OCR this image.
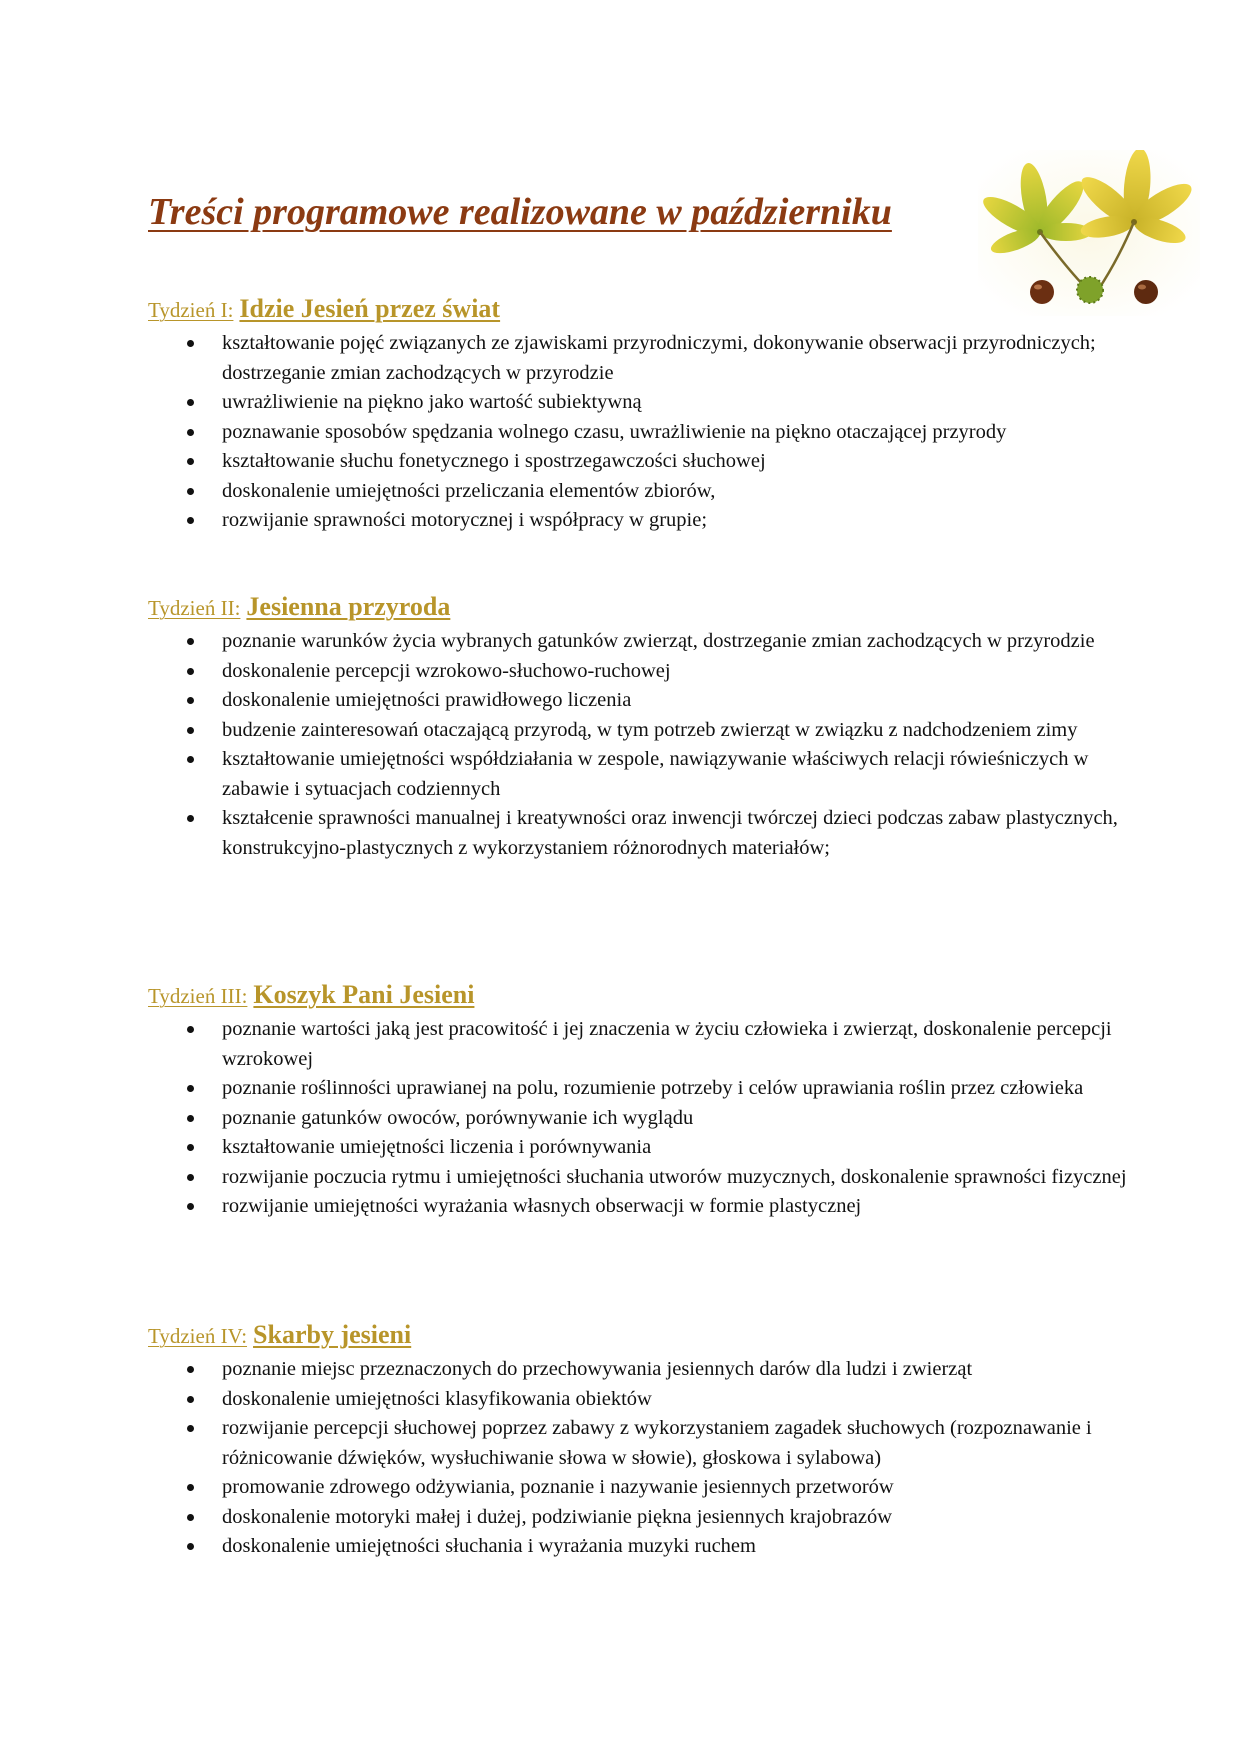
Treści programowe realizowane w październiku
Tydzień I: Idzie Jesień przez świat
kształtowanie pojęć związanych ze zjawiskami przyrodniczymi, dokonywanie obserwacji przyrodniczych; dostrzeganie zmian zachodzących w przyrodzie
uwrażliwienie na piękno jako wartość subiektywną
poznawanie sposobów spędzania wolnego czasu, uwrażliwienie na piękno otaczającej przyrody
kształtowanie słuchu fonetycznego i spostrzegawczości słuchowej
doskonalenie umiejętności przeliczania elementów zbiorów,
rozwijanie sprawności motorycznej i współpracy w grupie;
Tydzień II: Jesienna przyroda
poznanie warunków życia wybranych gatunków zwierząt, dostrzeganie zmian zachodzących w przyrodzie
doskonalenie percepcji wzrokowo-słuchowo-ruchowej
doskonalenie umiejętności prawidłowego liczenia
budzenie zainteresowań otaczającą przyrodą, w tym potrzeb zwierząt w związku z nadchodzeniem zimy
kształtowanie umiejętności współdziałania w zespole, nawiązywanie właściwych relacji rówieśniczych w zabawie i sytuacjach codziennych
kształcenie sprawności manualnej i kreatywności oraz inwencji twórczej dzieci podczas zabaw plastycznych, konstrukcyjno-plastycznych z wykorzystaniem różnorodnych materiałów;
Tydzień III: Koszyk Pani Jesieni
poznanie wartości jaką jest pracowitość i jej znaczenia w życiu człowieka i zwierząt, doskonalenie percepcji wzrokowej
poznanie roślinności uprawianej na polu, rozumienie potrzeby i celów uprawiania roślin przez człowieka
poznanie gatunków owoców, porównywanie ich wyglądu
kształtowanie umiejętności liczenia i porównywania
rozwijanie poczucia rytmu i umiejętności słuchania utworów muzycznych, doskonalenie sprawności fizycznej
rozwijanie umiejętności wyrażania własnych obserwacji w formie plastycznej
Tydzień IV: Skarby jesieni
poznanie miejsc przeznaczonych do przechowywania jesiennych darów dla ludzi i zwierząt
doskonalenie umiejętności klasyfikowania obiektów
rozwijanie percepcji słuchowej poprzez zabawy z wykorzystaniem zagadek słuchowych (rozpoznawanie i różnicowanie dźwięków, wysłuchiwanie słowa w słowie), głoskowa i sylabowa)
promowanie zdrowego odżywiania, poznanie i nazywanie jesiennych przetworów
doskonalenie motoryki małej i dużej, podziwianie piękna jesiennych krajobrazów
doskonalenie umiejętności słuchania i wyrażania muzyki ruchem
